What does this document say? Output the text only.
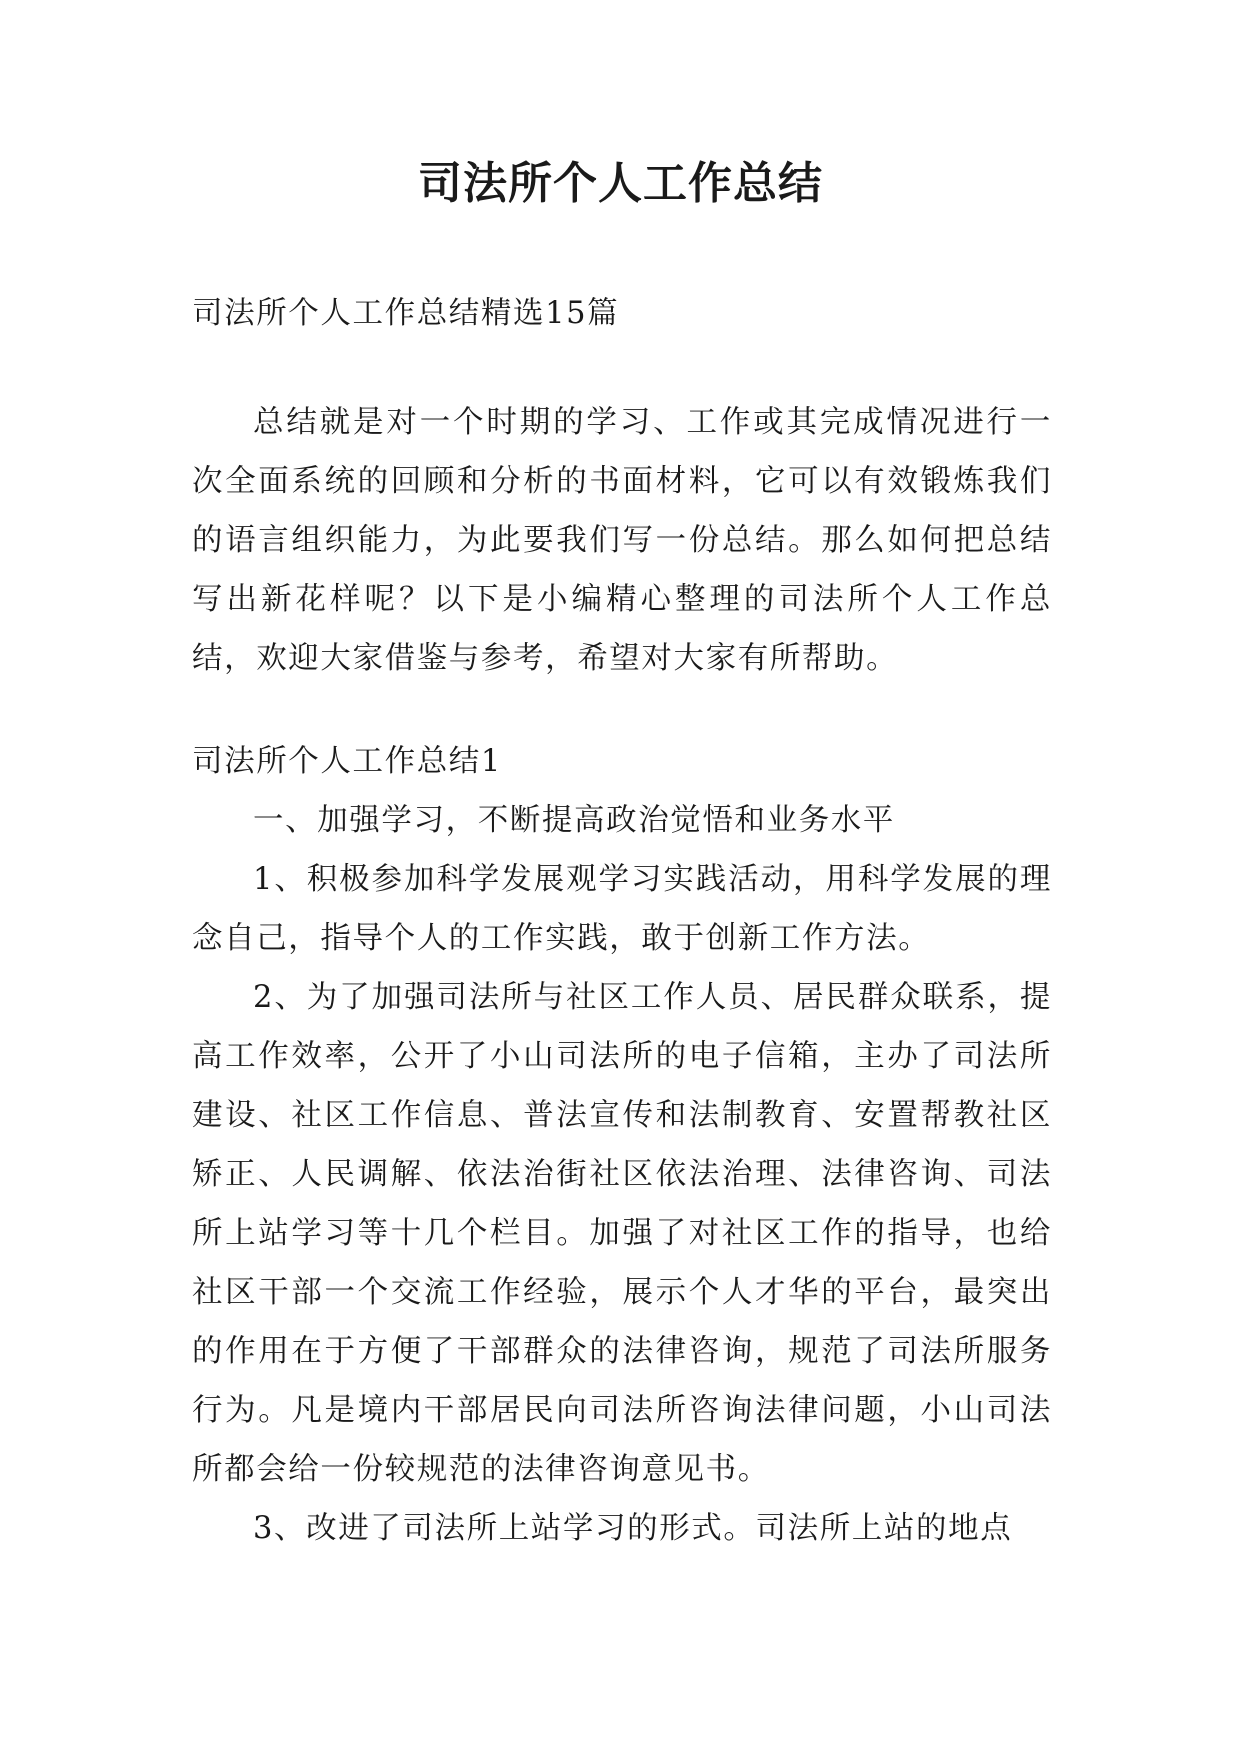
司法所个人工作总结

司法所个人工作总结精选15篇

总结就是对一个时期的学习、工作或其完成情况进行一次全面系统的回顾和分析的书面材料，它可以有效锻炼我们的语言组织能力，为此要我们写一份总结。那么如何把总结写出新花样呢？以下是小编精心整理的司法所个人工作总结，欢迎大家借鉴与参考，希望对大家有所帮助。

司法所个人工作总结1

一、加强学习，不断提高政治觉悟和业务水平

1、积极参加科学发展观学习实践活动，用科学发展的理念自己，指导个人的工作实践，敢于创新工作方法。

2、为了加强司法所与社区工作人员、居民群众联系，提高工作效率，公开了小山司法所的电子信箱，主办了司法所建设、社区工作信息、普法宣传和法制教育、安置帮教社区矫正、人民调解、依法治街社区依法治理、法律咨询、司法所上站学习等十几个栏目。加强了对社区工作的指导，也给社区干部一个交流工作经验，展示个人才华的平台，最突出的作用在于方便了干部群众的法律咨询，规范了司法所服务行为。凡是境内干部居民向司法所咨询法律问题，小山司法所都会给一份较规范的法律咨询意见书。

3、改进了司法所上站学习的形式。司法所上站的地点
